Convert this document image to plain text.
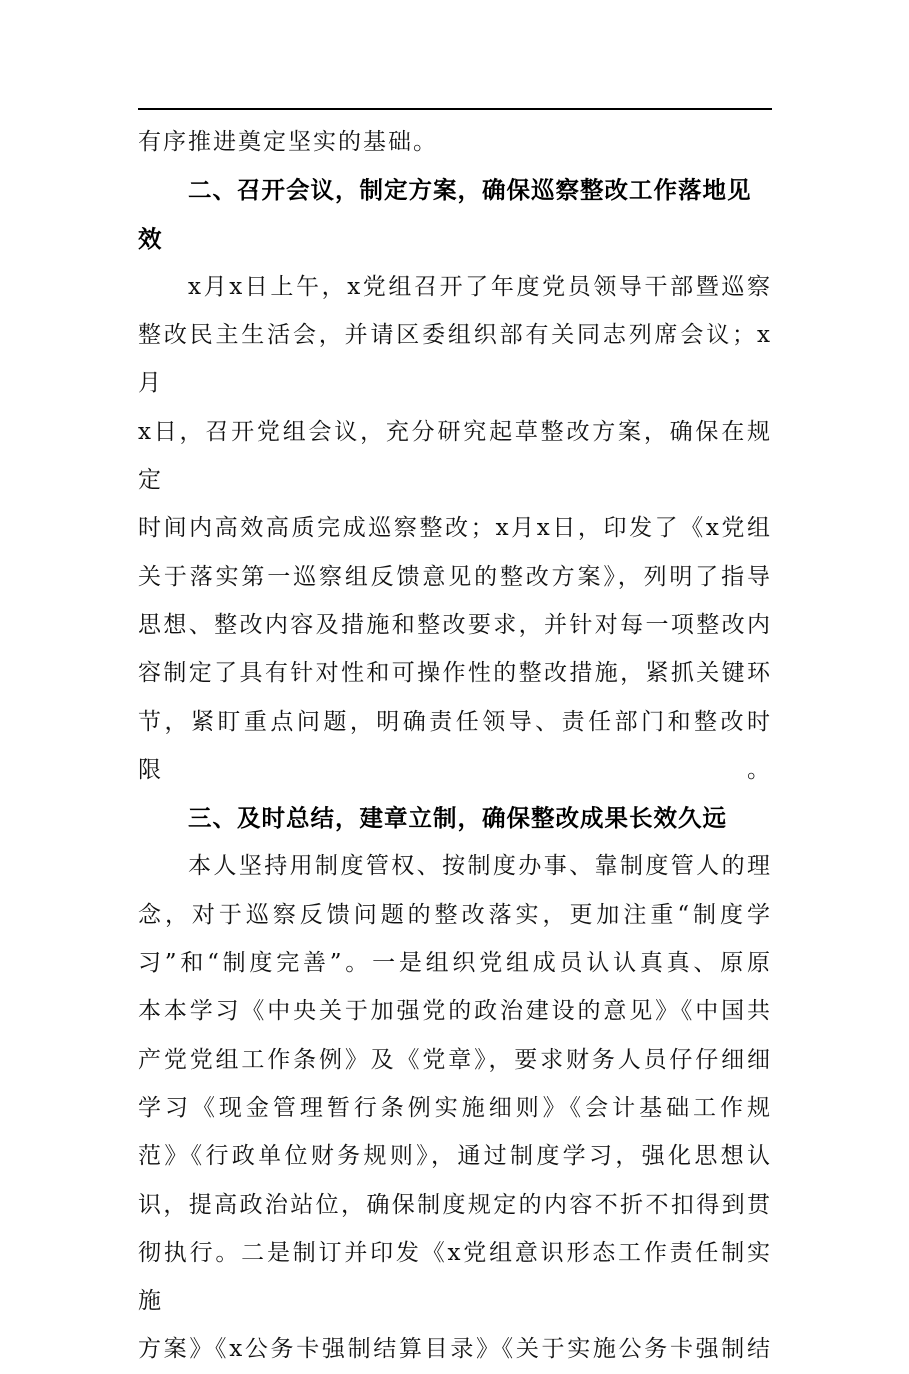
有序推进奠定坚实的基础。

二、召开会议，制定方案，确保巡察整改工作落地见
效
x月x日上午，x党组召开了年度党员领导干部暨巡察
整改民主生活会，并请区委组织部有关同志列席会议；x月
x日，召开党组会议，充分研究起草整改方案，确保在规定
时间内高效高质完成巡察整改；x月x日，印发了《x党组
关于落实第一巡察组反馈意见的整改方案》，列明了指导
思想、整改内容及措施和整改要求，并针对每一项整改内
容制定了具有针对性和可操作性的整改措施，紧抓关键环
节，紧盯重点问题，明确责任领导、责任部门和整改时限。
三、及时总结，建章立制，确保整改成果长效久远
本人坚持用制度管权、按制度办事、靠制度管人的理
念，对于巡察反馈问题的整改落实，更加注重“制度学
习”和“制度完善”。一是组织党组成员认认真真、原原
本本学习《中央关于加强党的政治建设的意见》《中国共
产党党组工作条例》及《党章》，要求财务人员仔仔细细
学习《现金管理暂行条例实施细则》《会计基础工作规
范》《行政单位财务规则》，通过制度学习，强化思想认
识，提高政治站位，确保制度规定的内容不折不扣得到贯
彻执行。二是制订并印发《x党组意识形态工作责任制实施
方案》《x公务卡强制结算目录》《关于实施公务卡强制结
